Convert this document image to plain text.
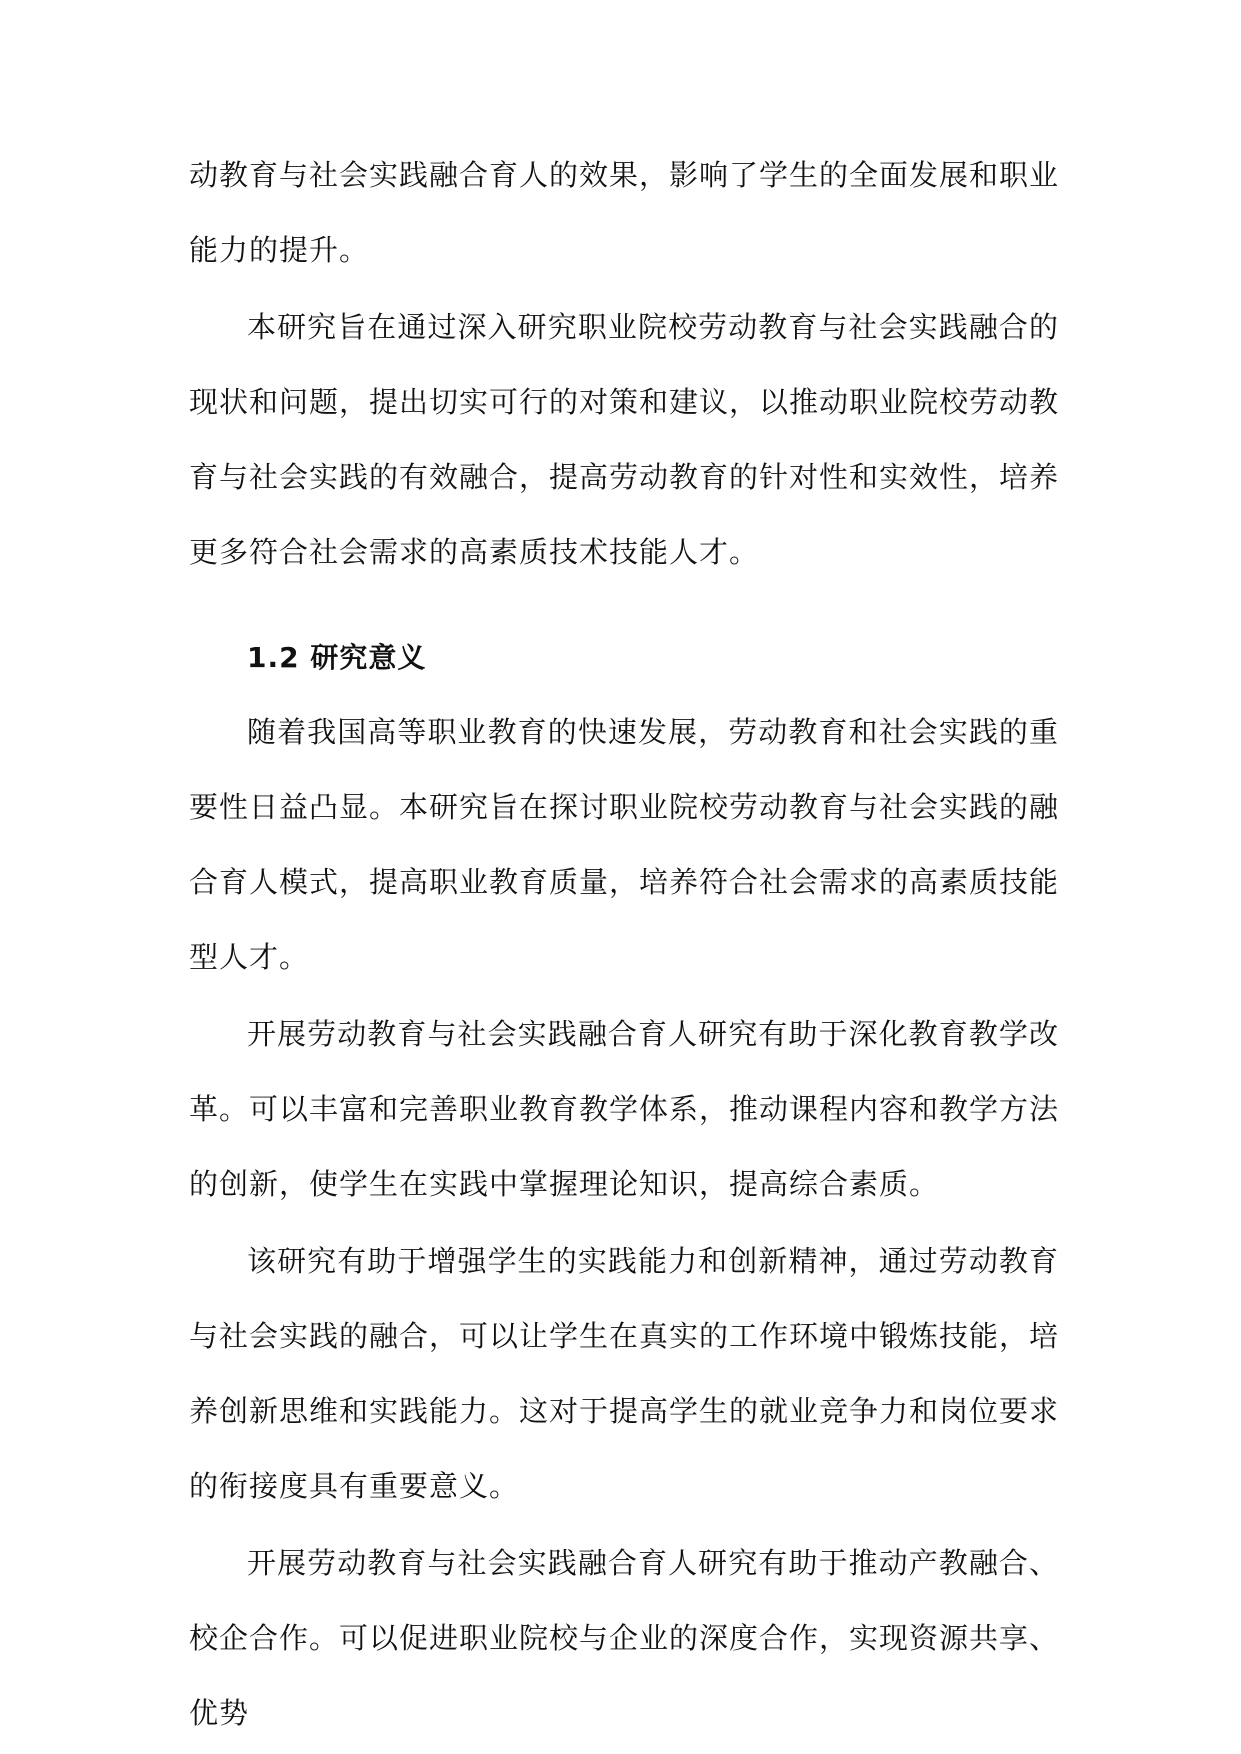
动教育与社会实践融合育人的效果，影响了学生的全面发展和职业能力的提升。

本研究旨在通过深入研究职业院校劳动教育与社会实践融合的现状和问题，提出切实可行的对策和建议，以推动职业院校劳动教育与社会实践的有效融合，提高劳动教育的针对性和实效性，培养更多符合社会需求的高素质技术技能人才。

1.2 研究意义

随着我国高等职业教育的快速发展，劳动教育和社会实践的重要性日益凸显。本研究旨在探讨职业院校劳动教育与社会实践的融合育人模式，提高职业教育质量，培养符合社会需求的高素质技能型人才。

开展劳动教育与社会实践融合育人研究有助于深化教育教学改革。可以丰富和完善职业教育教学体系，推动课程内容和教学方法的创新，使学生在实践中掌握理论知识，提高综合素质。

该研究有助于增强学生的实践能力和创新精神，通过劳动教育与社会实践的融合，可以让学生在真实的工作环境中锻炼技能，培养创新思维和实践能力。这对于提高学生的就业竞争力和岗位要求的衔接度具有重要意义。

开展劳动教育与社会实践融合育人研究有助于推动产教融合、校企合作。可以促进职业院校与企业的深度合作，实现资源共享、优势
